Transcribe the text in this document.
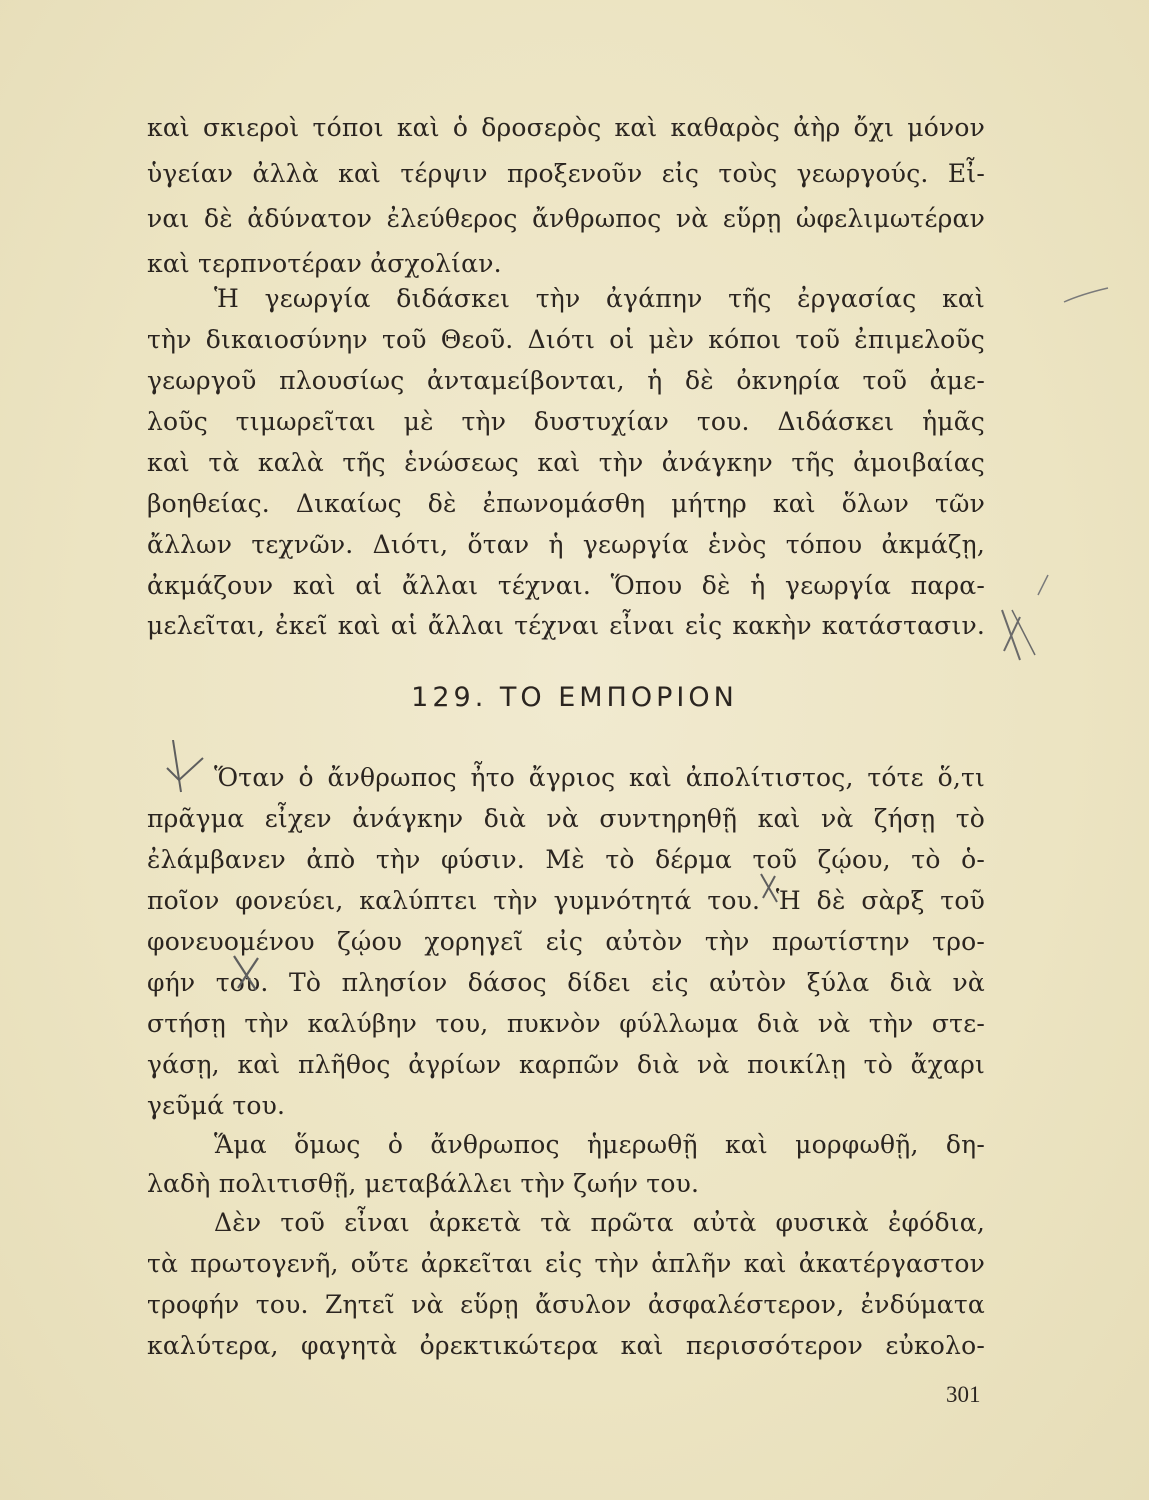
καὶ σκιεροὶ τόποι καὶ ὁ δροσερὸς καὶ καθαρὸς ἀὴρ ὄχι μόνον
ὑγείαν ἀλλὰ καὶ τέρψιν προξενοῦν εἰς τοὺς γεωργούς. Εἶ-
ναι δὲ ἀδύνατον ἐλεύθερος ἄνθρωπος νὰ εὕρῃ ὠφελιμωτέραν
καὶ τερπνοτέραν ἀσχολίαν.
Ἡ γεωργία διδάσκει τὴν ἀγάπην τῆς ἐργασίας καὶ
τὴν δικαιοσύνην τοῦ Θεοῦ. Διότι οἱ μὲν κόποι τοῦ ἐπιμελοῦς
γεωργοῦ πλουσίως ἀνταμείβονται, ἡ δὲ ὀκνηρία τοῦ ἀμε-
λοῦς τιμωρεῖται μὲ τὴν δυστυχίαν του. Διδάσκει ἡμᾶς
καὶ τὰ καλὰ τῆς ἑνώσεως καὶ τὴν ἀνάγκην τῆς ἀμοιβαίας
βοηθείας. Δικαίως δὲ ἐπωνομάσθη μήτηρ καὶ ὅλων τῶν
ἄλλων τεχνῶν. Διότι, ὅταν ἡ γεωργία ἑνὸς τόπου ἀκμάζῃ,
ἀκμάζουν καὶ αἱ ἄλλαι τέχναι. Ὅπου δὲ ἡ γεωργία παρα-
μελεῖται, ἐκεῖ καὶ αἱ ἄλλαι τέχναι εἶναι εἰς κακὴν κατάστασιν.
129. ΤΟ ΕΜΠΟΡΙΟΝ
Ὅταν ὁ ἄνθρωπος ἦτο ἄγριος καὶ ἀπολίτιστος, τότε ὅ,τι
πρᾶγμα εἶχεν ἀνάγκην διὰ νὰ συντηρηθῇ καὶ νὰ ζήσῃ τὸ
ἐλάμβανεν ἀπὸ τὴν φύσιν. Μὲ τὸ δέρμα τοῦ ζῴου, τὸ ὁ-
ποῖον φονεύει, καλύπτει τὴν γυμνότητά του. Ἡ δὲ σὰρξ τοῦ
φονευομένου ζῴου χορηγεῖ εἰς αὐτὸν τὴν πρωτίστην τρο-
φήν του. Τὸ πλησίον δάσος δίδει εἰς αὐτὸν ξύλα διὰ νὰ
στήσῃ τὴν καλύβην του, πυκνὸν φύλλωμα διὰ νὰ τὴν στε-
γάσῃ, καὶ πλῆθος ἀγρίων καρπῶν διὰ νὰ ποικίλῃ τὸ ἄχαρι
γεῦμά του.
Ἅμα ὅμως ὁ ἄνθρωπος ἡμερωθῇ καὶ μορφωθῇ, δη-
λαδὴ πολιτισθῇ, μεταβάλλει τὴν ζωήν του.
Δὲν τοῦ εἶναι ἀρκετὰ τὰ πρῶτα αὐτὰ φυσικὰ ἐφόδια,
τὰ πρωτογενῆ, οὔτε ἀρκεῖται εἰς τὴν ἁπλῆν καὶ ἀκατέργαστον
τροφήν του. Ζητεῖ νὰ εὕρῃ ἄσυλον ἀσφαλέστερον, ἐνδύματα
καλύτερα, φαγητὰ ὀρεκτικώτερα καὶ περισσότερον εὐκολο-
301
